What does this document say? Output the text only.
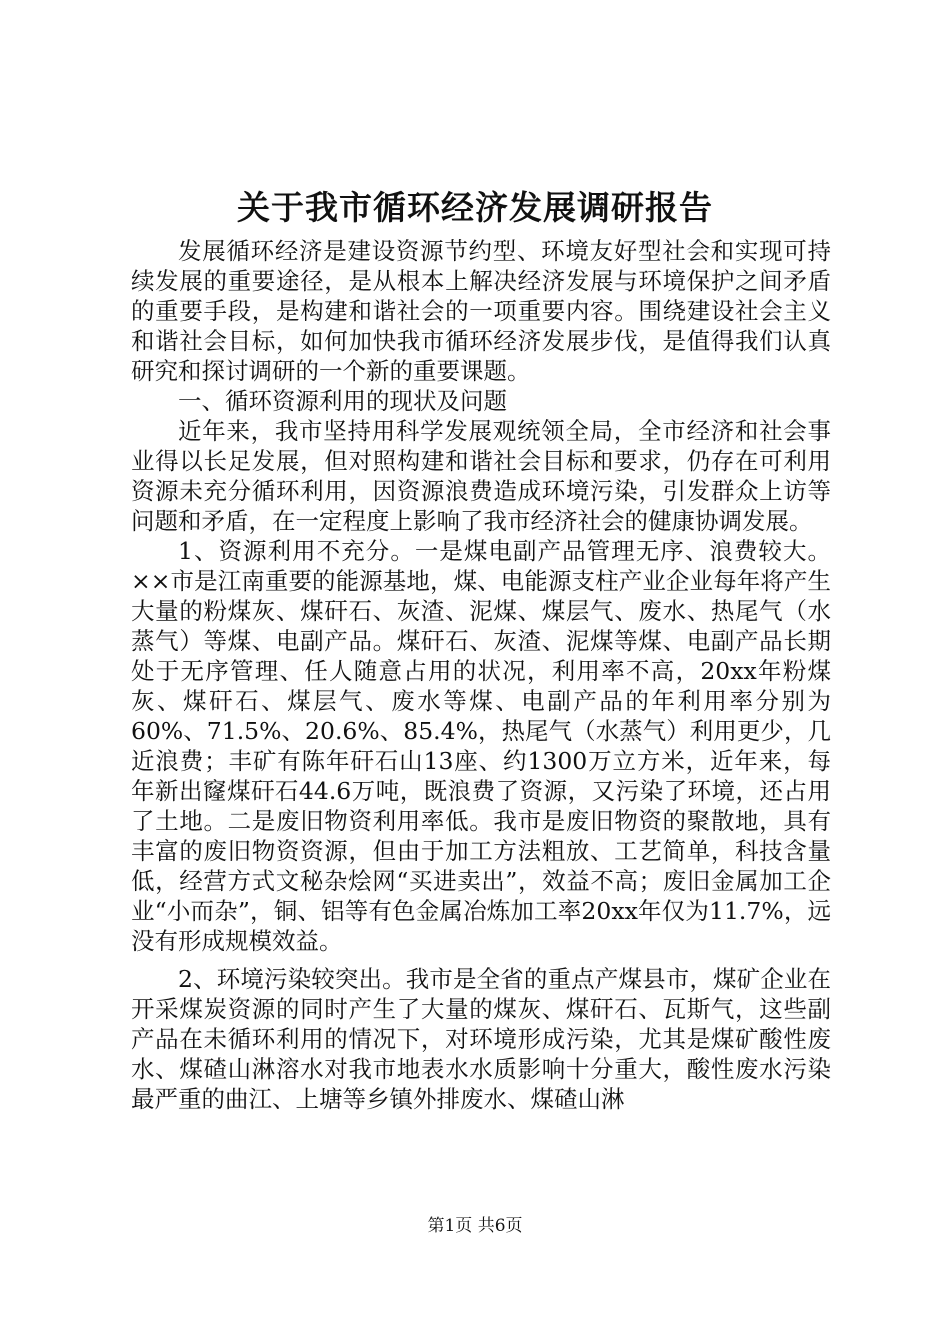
关于我市循环经济发展调研报告

发展循环经济是建设资源节约型、环境友好型社会和实现可持续发展的重要途径，是从根本上解决经济发展与环境保护之间矛盾的重要手段，是构建和谐社会的一项重要内容。围绕建设社会主义和谐社会目标，如何加快我市循环经济发展步伐，是值得我们认真研究和探讨调研的一个新的重要课题。

一、循环资源利用的现状及问题

近年来，我市坚持用科学发展观统领全局，全市经济和社会事业得以长足发展，但对照构建和谐社会目标和要求，仍存在可利用资源未充分循环利用，因资源浪费造成环境污染，引发群众上访等问题和矛盾，在一定程度上影响了我市经济社会的健康协调发展。

1、资源利用不充分。一是煤电副产品管理无序、浪费较大。××市是江南重要的能源基地，煤、电能源支柱产业企业每年将产生大量的粉煤灰、煤矸石、灰渣、泥煤、煤层气、废水、热尾气（水蒸气）等煤、电副产品。煤矸石、灰渣、泥煤等煤、电副产品长期处于无序管理、任人随意占用的状况，利用率不高，20xx年粉煤灰、煤矸石、煤层气、废水等煤、电副产品的年利用率分别为60%、71.5%、20.6%、85.4%，热尾气（水蒸气）利用更少，几近浪费；丰矿有陈年矸石山13座、约1300万立方米，近年来，每年新出窿煤矸石44.6万吨，既浪费了资源，又污染了环境，还占用了土地。二是废旧物资利用率低。我市是废旧物资的聚散地，具有丰富的废旧物资资源，但由于加工方法粗放、工艺简单，科技含量低，经营方式文秘杂烩网“买进卖出”，效益不高；废旧金属加工企业“小而杂”，铜、铝等有色金属冶炼加工率20xx年仅为11.7%，远没有形成规模效益。

2、环境污染较突出。我市是全省的重点产煤县市，煤矿企业在开采煤炭资源的同时产生了大量的煤灰、煤矸石、瓦斯气，这些副产品在未循环利用的情况下，对环境形成污染，尤其是煤矿酸性废水、煤碴山淋溶水对我市地表水水质影响十分重大，酸性废水污染最严重的曲江、上塘等乡镇外排废水、煤碴山淋

第1页 共6页
